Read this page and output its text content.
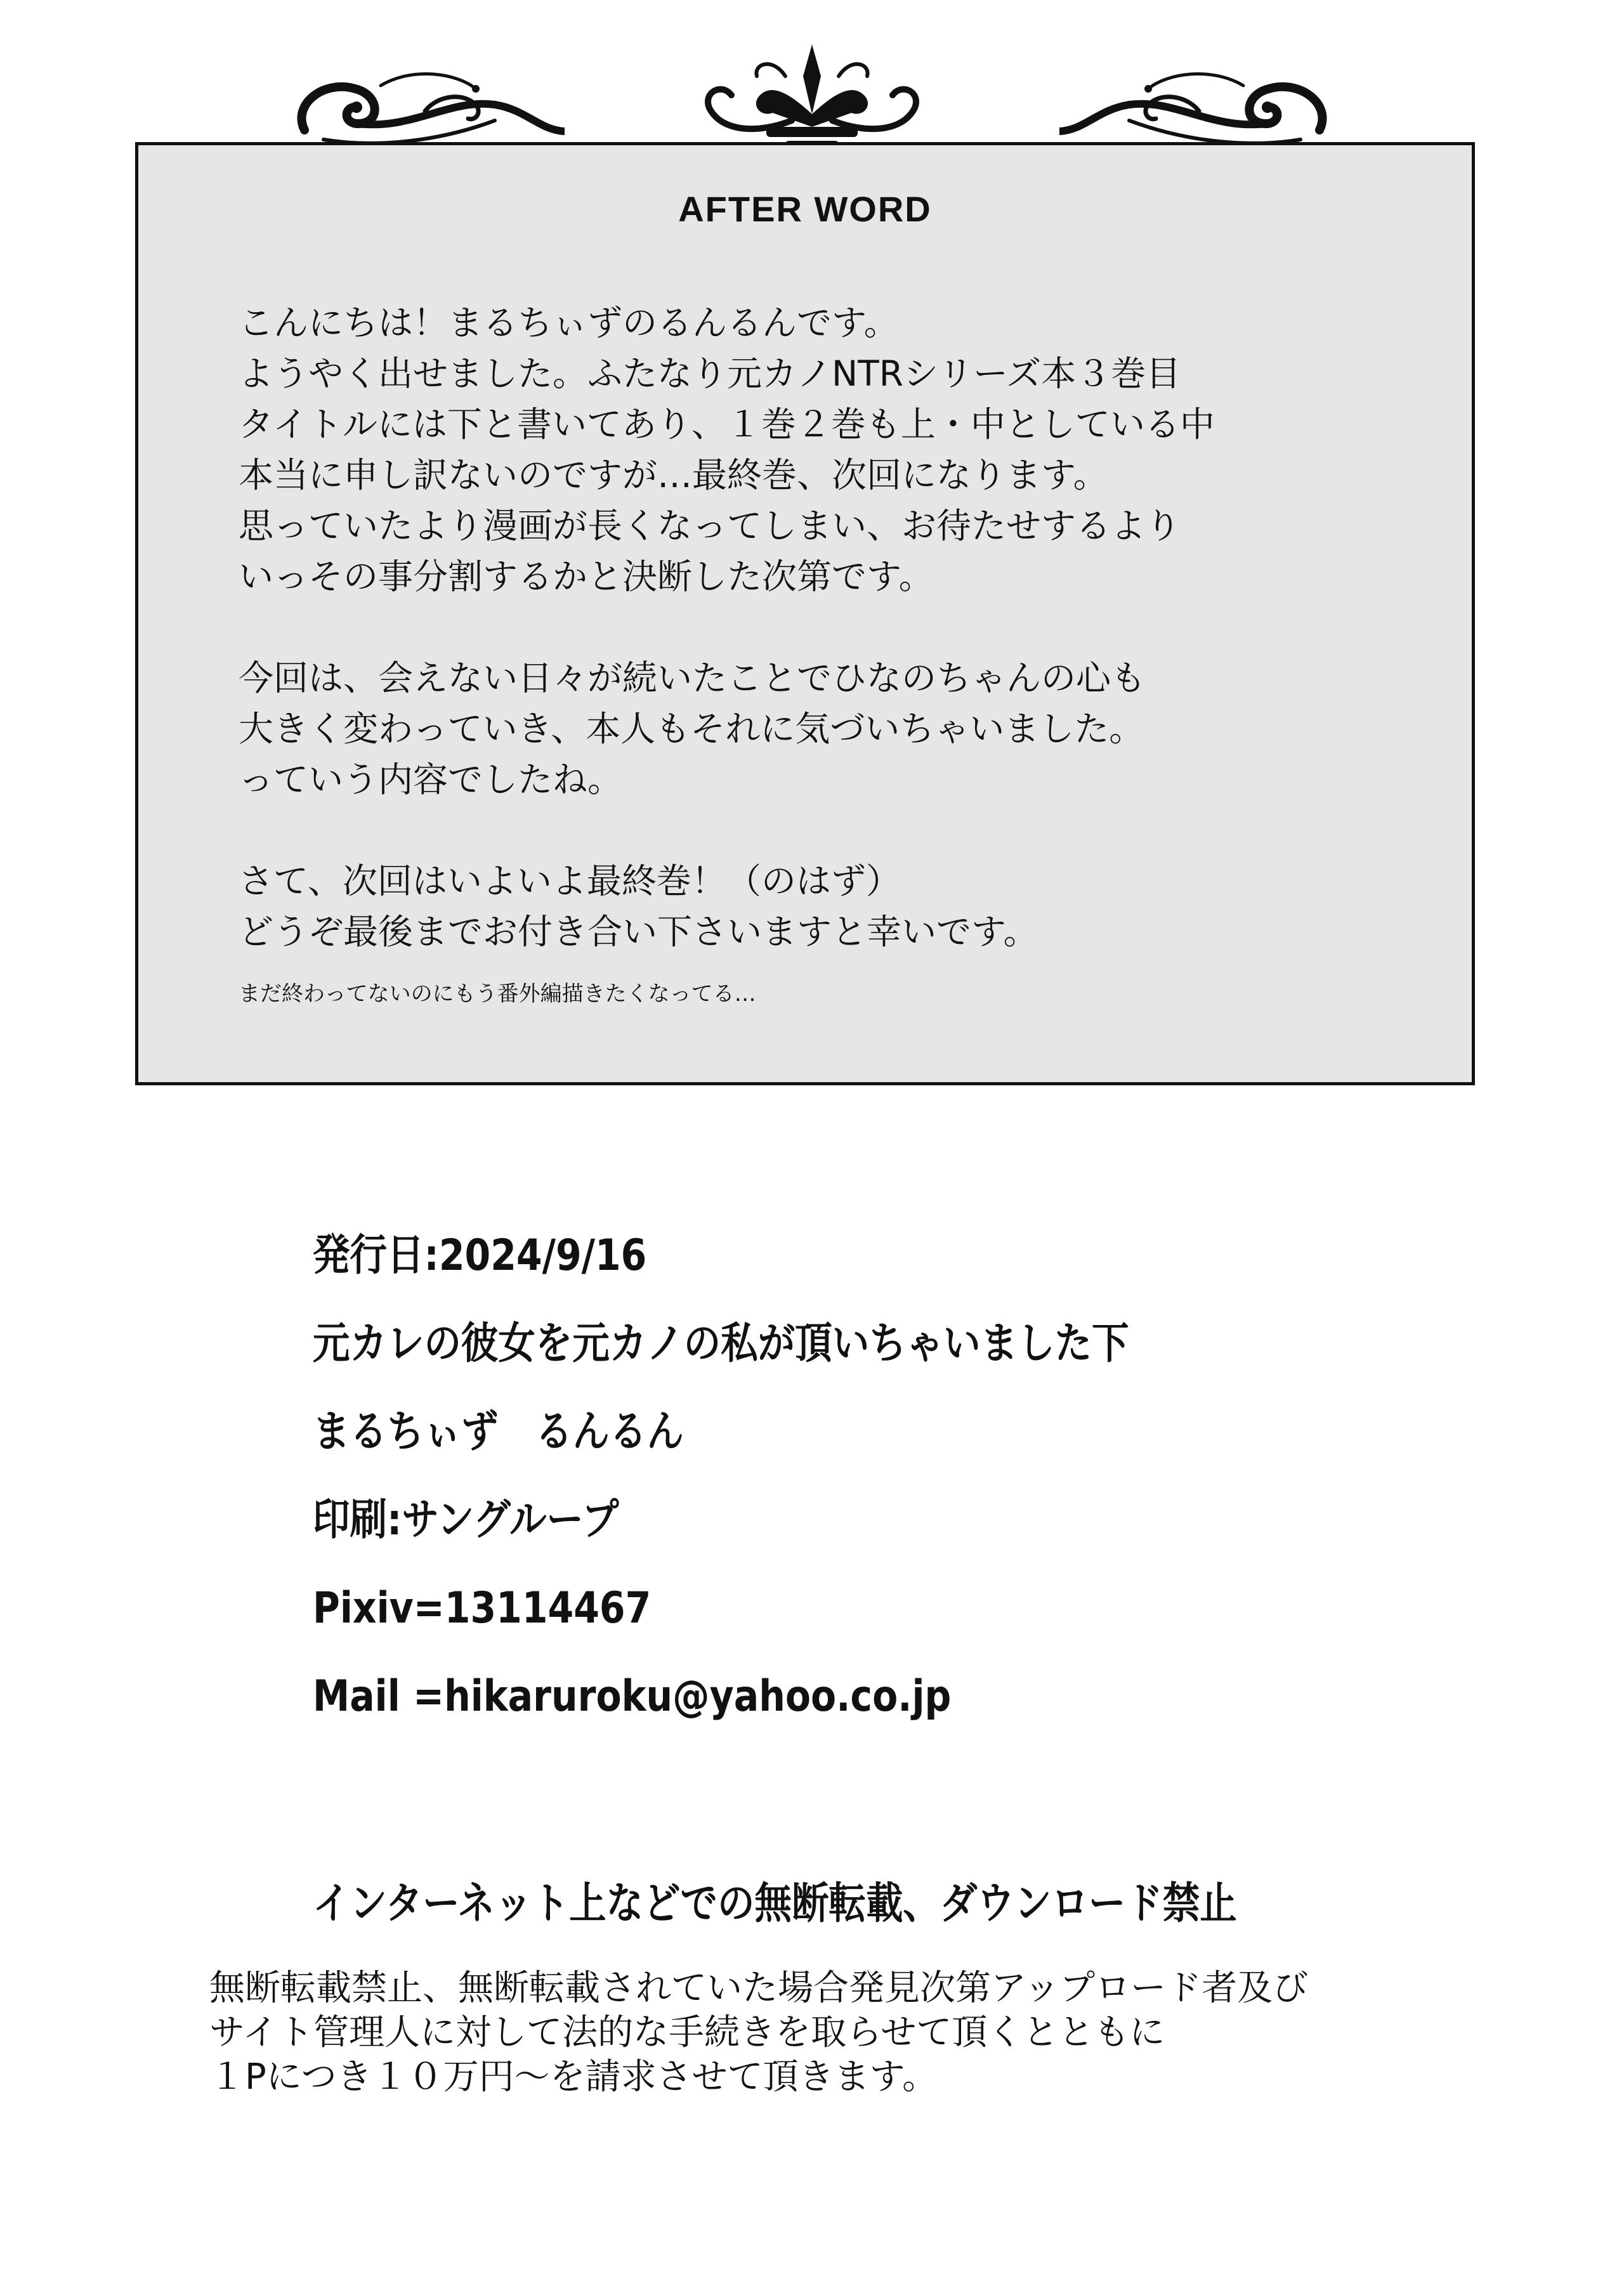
AFTER WORD

こんにちは！まるちぃずのるんるんです。
ようやく出せました。ふたなり元カノNTRシリーズ本３巻目
タイトルには下と書いてあり、１巻２巻も上・中としている中
本当に申し訳ないのですが…最終巻、次回になります。
思っていたより漫画が長くなってしまい、お待たせするより
いっその事分割するかと決断した次第です。

今回は、会えない日々が続いたことでひなのちゃんの心も
大きく変わっていき、本人もそれに気づいちゃいました。
っていう内容でしたね。

さて、次回はいよいよ最終巻！（のはず）
どうぞ最後までお付き合い下さいますと幸いです。

まだ終わってないのにもう番外編描きたくなってる…

発行日:2024/9/16
元カレの彼女を元カノの私が頂いちゃいました下
まるちぃず　るんるん
印刷:サングループ
Pixiv=13114467
Mail =hikaruroku@yahoo.co.jp
インターネット上などでの無断転載、ダウンロード禁止

無断転載禁止、無断転載されていた場合発見次第アップロード者及び
サイト管理人に対して法的な手続きを取らせて頂くとともに
１Pにつき１０万円～を請求させて頂きます。
